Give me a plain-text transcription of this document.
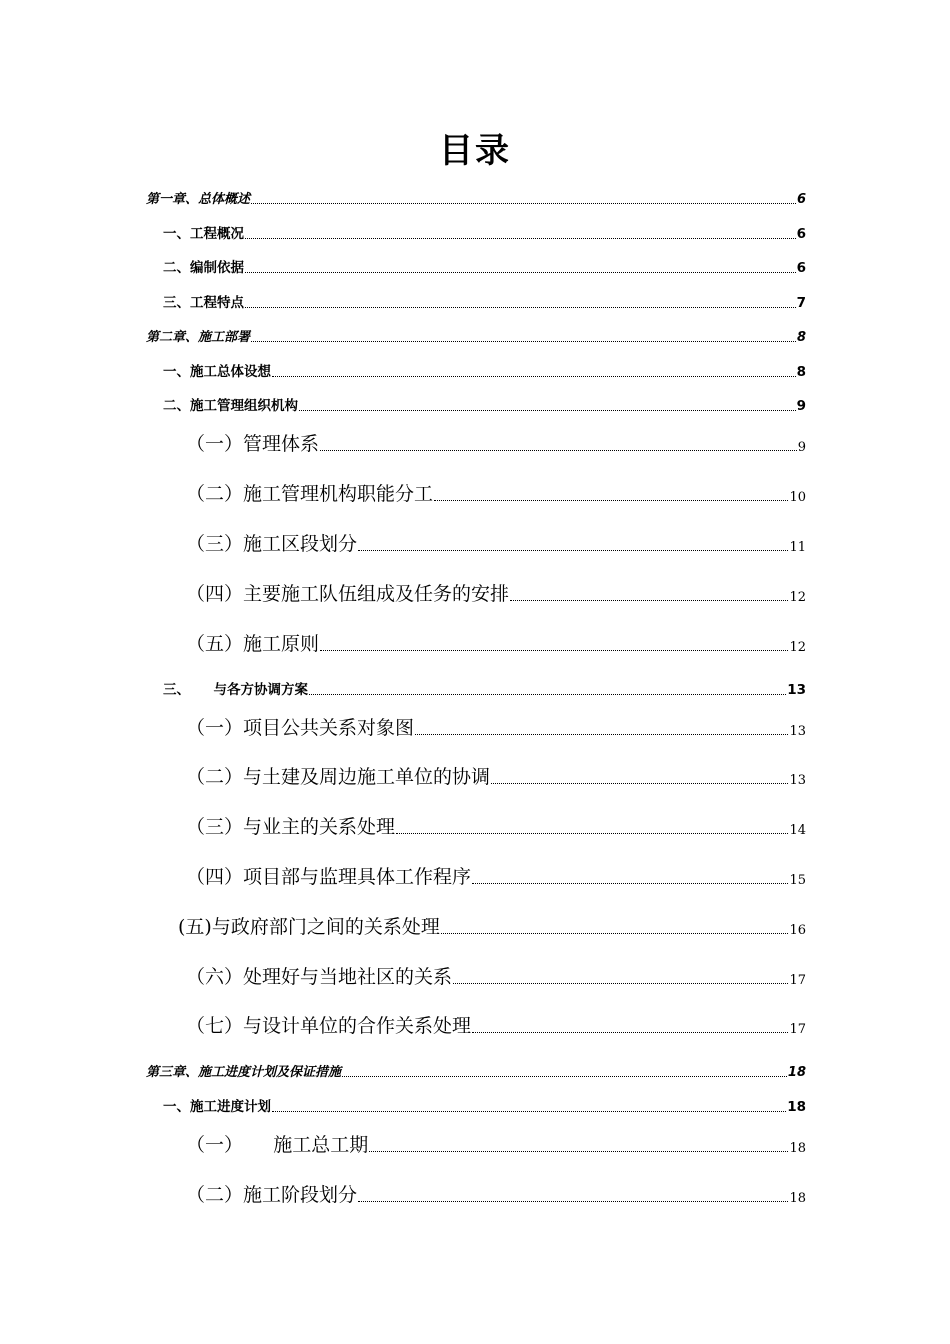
目录
第一章、总体概述	6
一、工程概况	6
二、编制依据	6
三、工程特点	7
第二章、施工部署	8
一、施工总体设想	8
二、施工管理组织机构	9
（一）管理体系	9
（二）施工管理机构职能分工	10
（三）施工区段划分	11
（四）主要施工队伍组成及任务的安排	12
（五）施工原则	12
三、     与各方协调方案	13
（一）项目公共关系对象图	13
（二）与土建及周边施工单位的协调	13
（三）与业主的关系处理	14
（四）项目部与监理具体工作程序	15
(五)与政府部门之间的关系处理	16
（六）处理好与当地社区的关系	17
（七）与设计单位的合作关系处理	17
第三章、施工进度计划及保证措施	18
一、施工进度计划	18
（一）     施工总工期	18
（二）施工阶段划分	18
